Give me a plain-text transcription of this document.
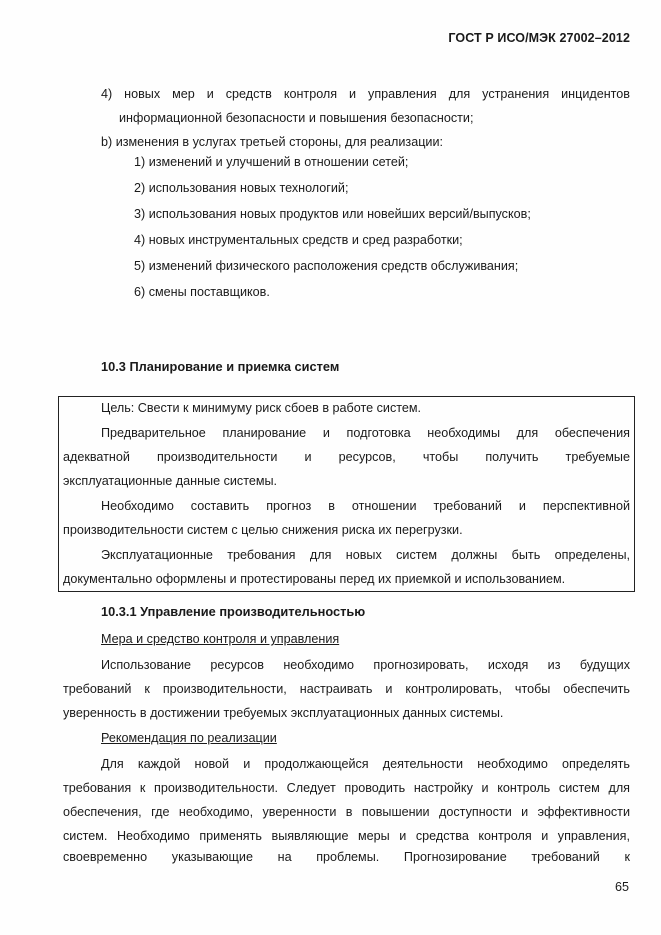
ГОСТ Р ИСО/МЭК 27002–2012
4) новых мер и средств контроля и управления для устранения инцидентов
информационной безопасности и повышения безопасности;
b) изменения в услугах третьей стороны, для реализации:
1) изменений и улучшений в отношении сетей;
2) использования новых технологий;
3) использования новых продуктов или новейших версий/выпусков;
4) новых инструментальных средств и сред разработки;
5) изменений физического расположения средств обслуживания;
6) смены поставщиков.
10.3 Планирование и приемка систем
Цель: Свести к минимуму риск сбоев в работе систем.
Предварительное планирование и подготовка необходимы для обеспечения
адекватной производительности и ресурсов, чтобы получить требуемые
эксплуатационные данные системы.
Необходимо составить прогноз в отношении требований и перспективной
производительности систем с целью снижения риска их перегрузки.
Эксплуатационные требования для новых систем должны быть определены,
документально оформлены и протестированы перед их приемкой и использованием.
10.3.1 Управление производительностью
Мера и средство контроля и управления
Использование ресурсов необходимо прогнозировать, исходя из будущих
требований к производительности, настраивать и контролировать, чтобы обеспечить
уверенность в достижении требуемых эксплуатационных данных системы.
Рекомендация по реализации
Для каждой новой и продолжающейся деятельности необходимо определять
требования к производительности. Следует проводить настройку и контроль систем для
обеспечения, где необходимо, уверенности в повышении доступности и эффективности
систем. Необходимо применять выявляющие меры и средства контроля и управления,
своевременно указывающие на проблемы. Прогнозирование требований к
65
